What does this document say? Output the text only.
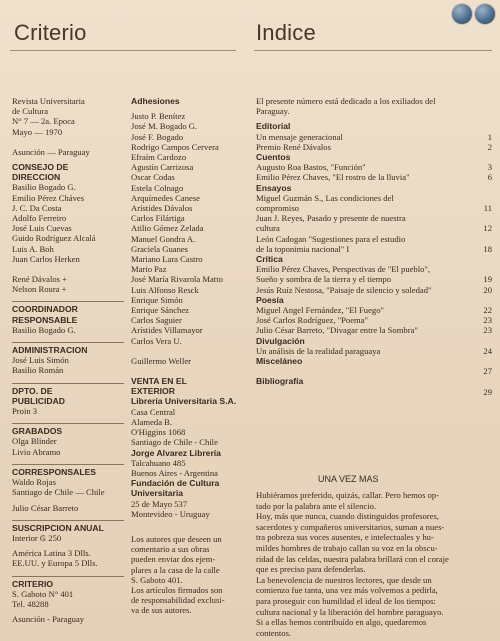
Criterio	Indice
Revista Universitaria
de Cultura
N° 7 — 2a. Epoca
Mayo — 1970
Asunción — Paraguay
CONSEJO DE
DIRECCION
Basilio Bogado G.
Emilio Pérez Cháves
J. C. Da Costa
Adolfo Ferreiro
José Luis Cuevas
Guido Rodríguez Alcalá
Luis A. Boh
Juan Carlos Herken
René Dávalos +
Nelson Roura +
COORDINADOR
RESPONSABLE
Basilio Bogado G.
ADMINISTRACION
José Luis Simón
Basilio Román
DPTO. DE
PUBLICIDAD
Proin 3
GRABADOS
Olga Blinder
Livio Abramo
CORRESPONSALES
Waldo Rojas
Santiago de Chile — Chile
Julio César Barreto
SUSCRIPCION ANUAL
Interior ₲ 250
América Latina 3 Dlls.
EE.UU. y Europa 5 Dlls.
CRITERIO
S. Gaboto N° 401
Tel. 48288
Asunción - Paraguay
Adhesiones
Justo P. Benítez
José M. Bogado G.
José F. Bogado
Rodrigo Campos Cervera
Efraím Cardozo
Agustín Carrizosa
Oscar Codas
Estela Colnago
Arquímedes Canese
Arístides Dávalos
Carlos Filártiga
Atilio Gómez Zelada
Manuel Gondra A.
Graciela Guanes
Mariano Lara Castro
Mario Paz
José María Rivarola Matto
Luis Alfonso Resck
Enrique Simón
Enrique Sánchez
Carlos Saguier
Arístides Villamayor
Carlos Vera U.
Guillermo Weller
VENTA EN EL
EXTERIOR
Librería Universitaria S.A.
Casa Central
Alameda B.
O'Higgins 1068
Santiago de Chile - Chile
Jorge Alvarez Librería
Talcahuano 485
Buenos Aires - Argentina
Fundación de Cultura
Universitaria
25 de Mayo 537
Montevideo - Uruguay
Los autores que deseen un
comentario a sus obras
pueden enviar dos ejem-
plares a la casa de la calle
S. Gaboto 401.
Los artículos firmados son
de responsabilidad exclusi-
va de sus autores.
El presente número está dedicado a los exiliados del
Paraguay.
Editorial
Un mensaje generacional	1
Premio René Dávalos	2
Cuentos
Augusto Roa Bastos, "Función"	3
Emilio Pérez Chaves, "El rostro de la lluvia"	6
Ensayos
Miguel Guzmán S., Las condiciones del
compromiso	11
Juan J. Reyes, Pasado y presente de nuestra
cultura	12
León Cadogan "Sugestiones para el estudio
de la toponimia nacional" I	18
Crítica
Emilio Pérez Chaves, Perspectivas de "El pueblo",
Sueño y sombra de la tierra y el tiempo	19
Jesús Ruíz Nestosa, "Paisaje de silencio y soledad"	20
Poesía
Miguel Angel Fernández, "El Fuego"	22
José Carlos Rodríguez, "Poema"	23
Julio César Barreto, "Divagar entre la Sombra"	23
Divulgación
Un análisis de la realidad paraguaya	24
Misceláneo
27
Bibliografía
29
UNA VEZ MAS
Hubiéramos preferido, quizás, callar. Pero hemos op-
tado por la palabra ante el silencio.
Hoy, más que nunca, cuando distinguidos profesores,
sacerdotes y compañeros universitarios, suman a nues-
tra pobreza sus voces ausentes, e intelectuales y hu-
mildes hombres de trabajo callan su voz en la obscu-
ridad de las celdas, nuestra palabra brillará con el coraje
que es preciso para defenderlas.
La benevolencia de nuestros lectores, que desde un
comienzo fue tanta, una vez más volvemos a pedirla,
para proseguir con humildad el ideal de los tiempos:
cultura nacional y la liberación del hombre paraguayo.
Si a ellas hemos contribuído en algo, quedaremos
contentos.
